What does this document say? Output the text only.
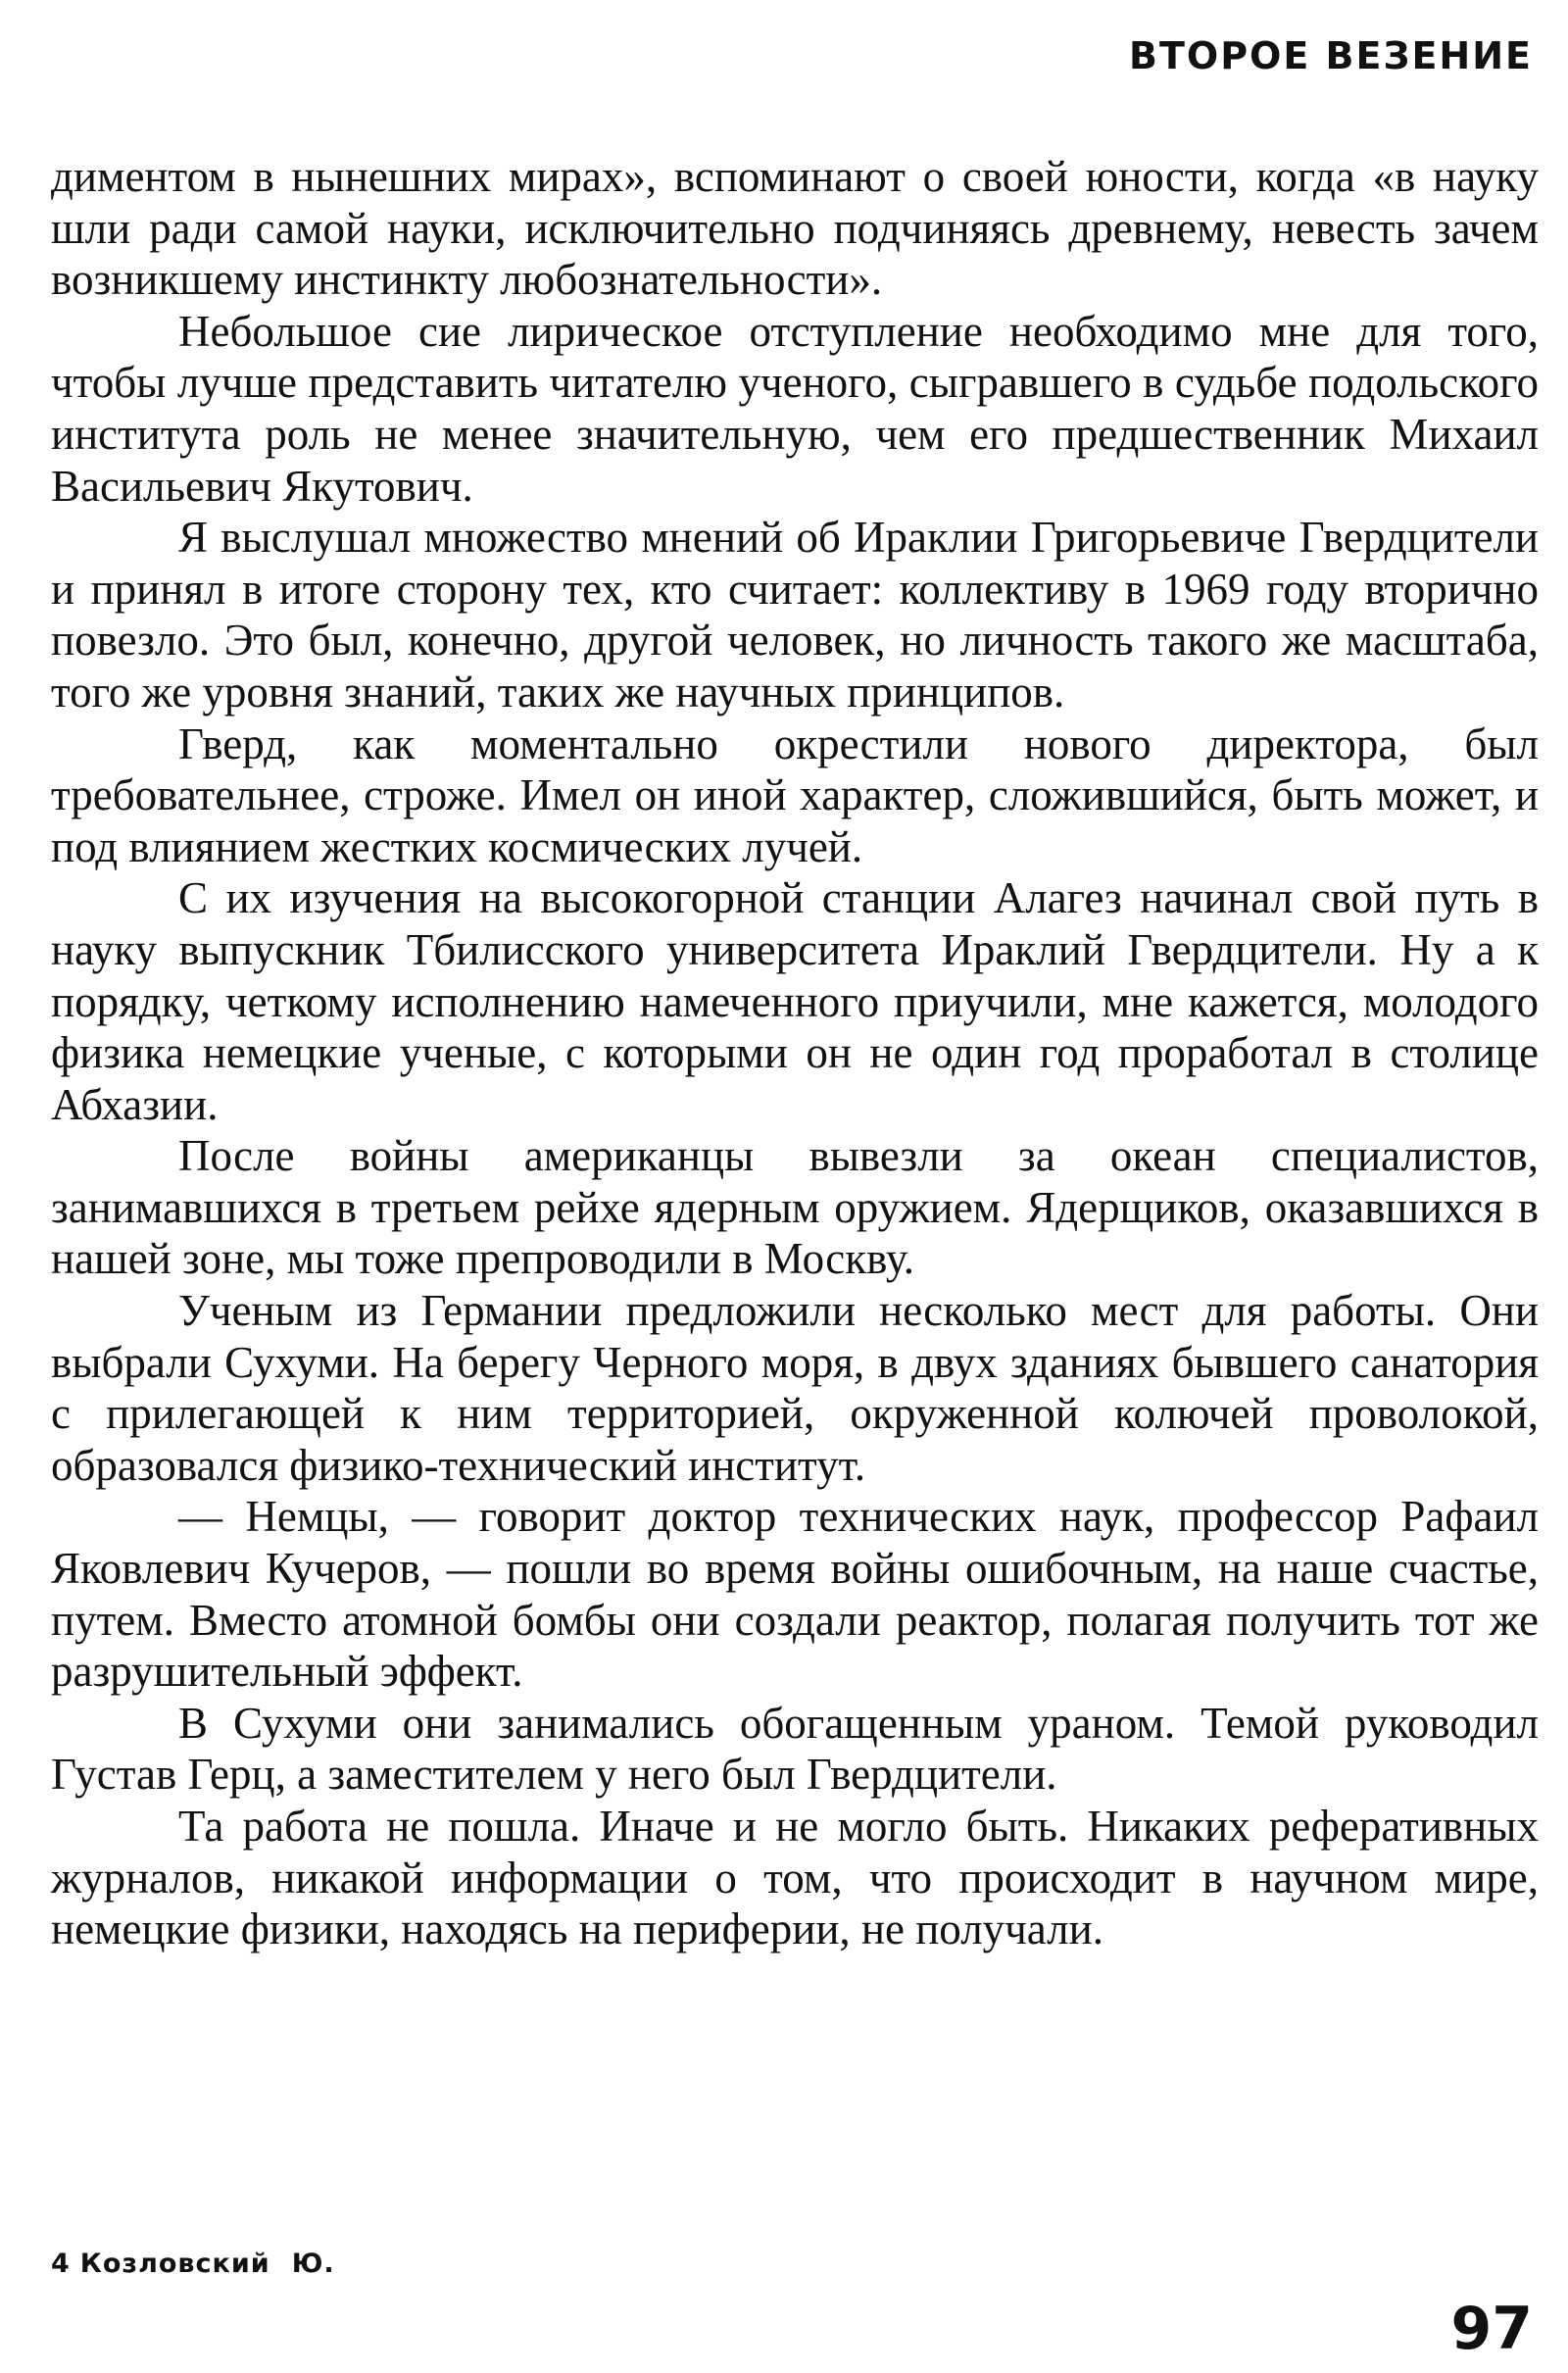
ВТОРОЕ ВЕЗЕНИЕ

диментом в нынешних мирах», вспоминают о своей юности, когда «в науку шли ради самой науки, исключительно подчиняясь древнему, невесть зачем возникшему инстинкту любознательности».

Небольшое сие лирическое отступление необходимо мне для того, чтобы лучше представить читателю ученого, сыгравшего в судьбе подольского института роль не менее значительную, чем его предшественник Михаил Васильевич Якутович.

Я выслушал множество мнений об Ираклии Григорьевиче Гвердцители и принял в итоге сторону тех, кто считает: коллективу в 1969 году вторично повезло. Это был, конечно, другой человек, но личность такого же масштаба, того же уровня знаний, таких же научных принципов.

Гверд, как моментально окрестили нового директора, был требовательнее, строже. Имел он иной характер, сложившийся, быть может, и под влиянием жестких космических лучей.

С их изучения на высокогорной станции Алагез начинал свой путь в науку выпускник Тбилисского университета Ираклий Гвердцители. Ну а к порядку, четкому исполнению намеченного приучили, мне кажется, молодого физика немецкие ученые, с которыми он не один год проработал в столице Абхазии.

После войны американцы вывезли за океан специалистов, занимавшихся в третьем рейхе ядерным оружием. Ядерщиков, оказавшихся в нашей зоне, мы тоже препроводили в Москву.

Ученым из Германии предложили несколько мест для работы. Они выбрали Сухуми. На берегу Черного моря, в двух зданиях бывшего санатория с прилегающей к ним территорией, окруженной колючей проволокой, образовался физико-технический институт.

— Немцы, — говорит доктор технических наук, профессор Рафаил Яковлевич Кучеров, — пошли во время войны ошибочным, на наше счастье, путем. Вместо атомной бомбы они создали реактор, полагая получить тот же разрушительный эффект.

В Сухуми они занимались обогащенным ураном. Темой руководил Густав Герц, а заместителем у него был Гвердцители.

Та работа не пошла. Иначе и не могло быть. Никаких реферативных журналов, никакой информации о том, что происходит в научном мире, немецкие физики, находясь на периферии, не получали.

4 Козловский Ю.
97
